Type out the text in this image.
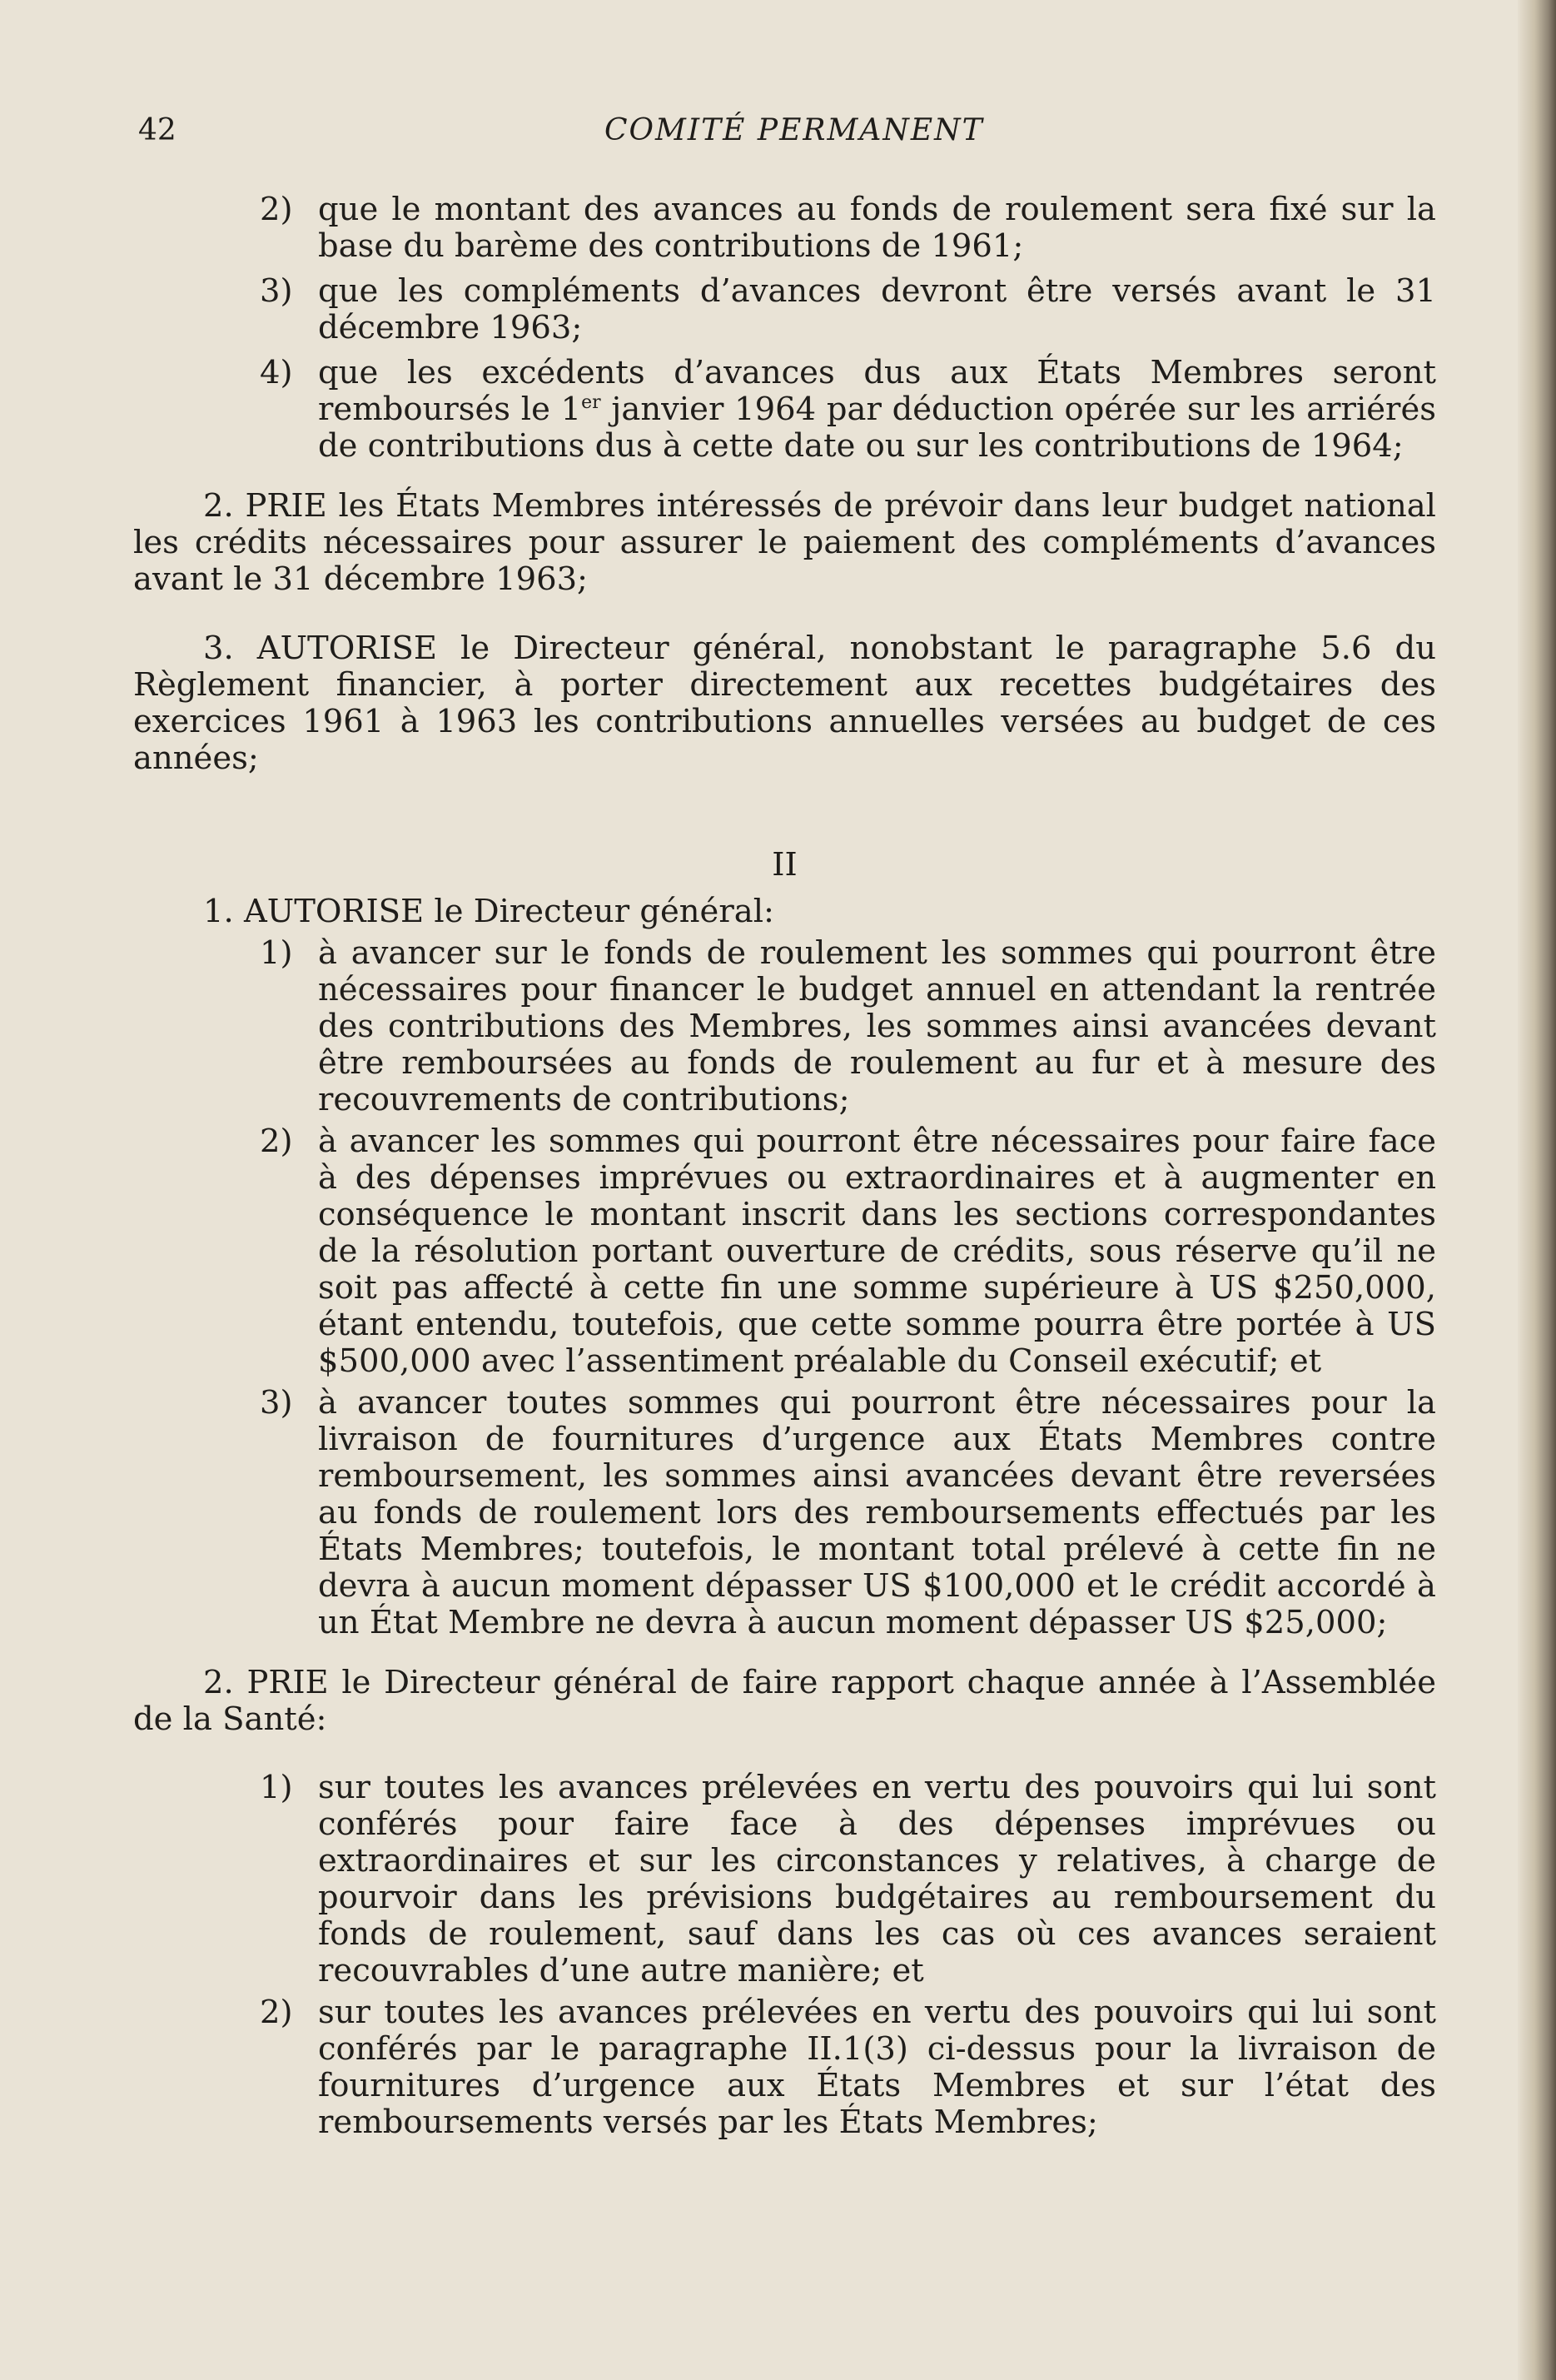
42	COMITÉ PERMANENT
2) que le montant des avances au fonds de roulement sera fixé sur la base du barème des contributions de 1961;
3) que les compléments d’avances devront être versés avant le 31 décembre 1963;
4) que les excédents d’avances dus aux États Membres seront remboursés le 1er janvier 1964 par déduction opérée sur les arriérés de contributions dus à cette date ou sur les contributions de 1964;

2. PRIE les États Membres intéressés de prévoir dans leur budget national les crédits nécessaires pour assurer le paiement des compléments d’avances avant le 31 décembre 1963;

3. AUTORISE le Directeur général, nonobstant le paragraphe 5.6 du Règlement financier, à porter directement aux recettes budgétaires des exercices 1961 à 1963 les contributions annuelles versées au budget de ces années;

II
1. AUTORISE le Directeur général:
1) à avancer sur le fonds de roulement les sommes qui pourront être nécessaires pour financer le budget annuel en attendant la rentrée des contributions des Membres, les sommes ainsi avancées devant être remboursées au fonds de roulement au fur et à mesure des recouvrements de contributions;
2) à avancer les sommes qui pourront être nécessaires pour faire face à des dépenses imprévues ou extraordinaires et à augmenter en conséquence le montant inscrit dans les sections correspondantes de la résolution portant ouverture de crédits, sous réserve qu’il ne soit pas affecté à cette fin une somme supérieure à US $250,000, étant entendu, toutefois, que cette somme pourra être portée à US $500,000 avec l’assentiment préalable du Conseil exécutif; et
3) à avancer toutes sommes qui pourront être nécessaires pour la livraison de fournitures d’urgence aux États Membres contre remboursement, les sommes ainsi avancées devant être reversées au fonds de roulement lors des remboursements effectués par les États Membres; toutefois, le montant total prélevé à cette fin ne devra à aucun moment dépasser US $100,000 et le crédit accordé à un État Membre ne devra à aucun moment dépasser US $25,000;

2. PRIE le Directeur général de faire rapport chaque année à l’Assemblée de la Santé:

1) sur toutes les avances prélevées en vertu des pouvoirs qui lui sont conférés pour faire face à des dépenses imprévues ou extraordinaires et sur les circonstances y relatives, à charge de pourvoir dans les prévisions budgétaires au remboursement du fonds de roulement, sauf dans les cas où ces avances seraient recouvrables d’une autre manière; et
2) sur toutes les avances prélevées en vertu des pouvoirs qui lui sont conférés par le paragraphe II.1(3) ci-dessus pour la livraison de fournitures d’urgence aux États Membres et sur l’état des remboursements versés par les États Membres;
